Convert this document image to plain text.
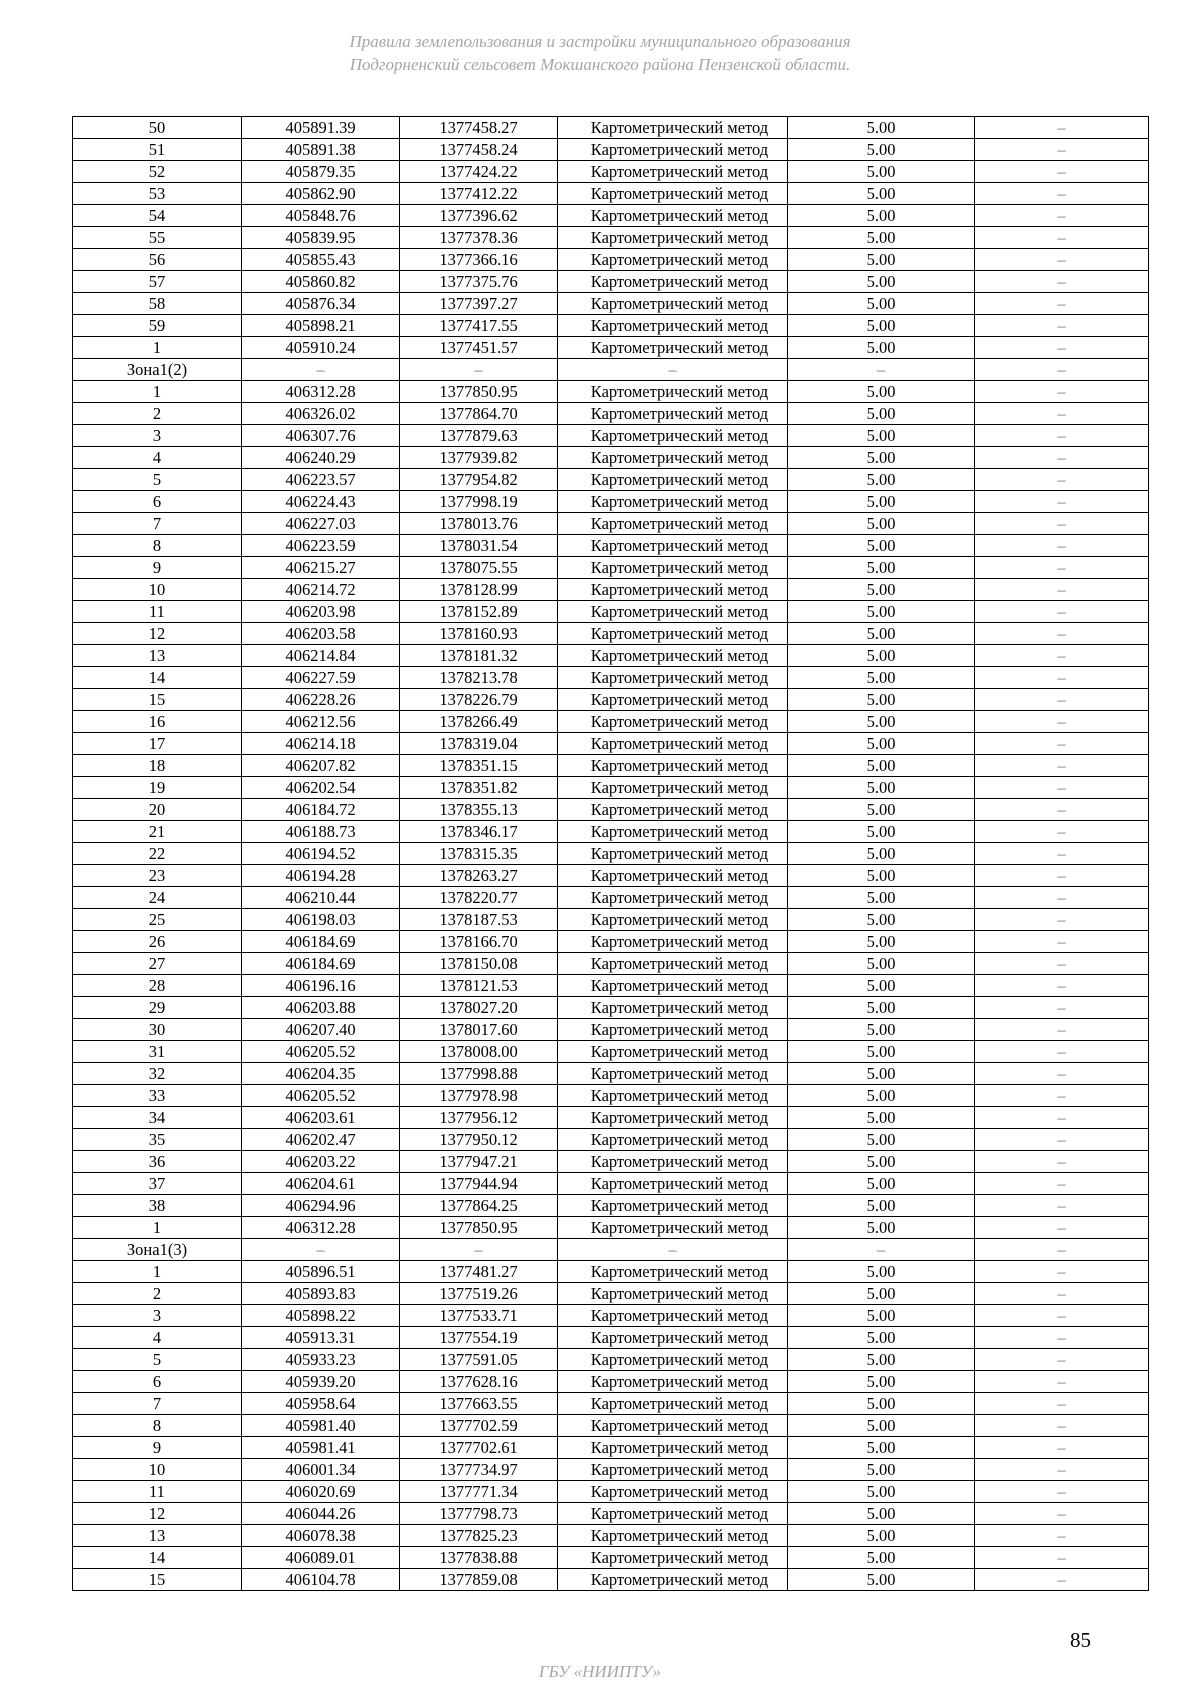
Правила землепользования и застройки муниципального образования
Подгорненский сельсовет Мокшанского района Пензенской области.
50	405891.39	1377458.27	Картометрический метод	5.00	–
51	405891.38	1377458.24	Картометрический метод	5.00	–
52	405879.35	1377424.22	Картометрический метод	5.00	–
53	405862.90	1377412.22	Картометрический метод	5.00	–
54	405848.76	1377396.62	Картометрический метод	5.00	–
55	405839.95	1377378.36	Картометрический метод	5.00	–
56	405855.43	1377366.16	Картометрический метод	5.00	–
57	405860.82	1377375.76	Картометрический метод	5.00	–
58	405876.34	1377397.27	Картометрический метод	5.00	–
59	405898.21	1377417.55	Картометрический метод	5.00	–
1	405910.24	1377451.57	Картометрический метод	5.00	–
Зона1(2)	–	–	–	–	–
1	406312.28	1377850.95	Картометрический метод	5.00	–
2	406326.02	1377864.70	Картометрический метод	5.00	–
3	406307.76	1377879.63	Картометрический метод	5.00	–
4	406240.29	1377939.82	Картометрический метод	5.00	–
5	406223.57	1377954.82	Картометрический метод	5.00	–
6	406224.43	1377998.19	Картометрический метод	5.00	–
7	406227.03	1378013.76	Картометрический метод	5.00	–
8	406223.59	1378031.54	Картометрический метод	5.00	–
9	406215.27	1378075.55	Картометрический метод	5.00	–
10	406214.72	1378128.99	Картометрический метод	5.00	–
11	406203.98	1378152.89	Картометрический метод	5.00	–
12	406203.58	1378160.93	Картометрический метод	5.00	–
13	406214.84	1378181.32	Картометрический метод	5.00	–
14	406227.59	1378213.78	Картометрический метод	5.00	–
15	406228.26	1378226.79	Картометрический метод	5.00	–
16	406212.56	1378266.49	Картометрический метод	5.00	–
17	406214.18	1378319.04	Картометрический метод	5.00	–
18	406207.82	1378351.15	Картометрический метод	5.00	–
19	406202.54	1378351.82	Картометрический метод	5.00	–
20	406184.72	1378355.13	Картометрический метод	5.00	–
21	406188.73	1378346.17	Картометрический метод	5.00	–
22	406194.52	1378315.35	Картометрический метод	5.00	–
23	406194.28	1378263.27	Картометрический метод	5.00	–
24	406210.44	1378220.77	Картометрический метод	5.00	–
25	406198.03	1378187.53	Картометрический метод	5.00	–
26	406184.69	1378166.70	Картометрический метод	5.00	–
27	406184.69	1378150.08	Картометрический метод	5.00	–
28	406196.16	1378121.53	Картометрический метод	5.00	–
29	406203.88	1378027.20	Картометрический метод	5.00	–
30	406207.40	1378017.60	Картометрический метод	5.00	–
31	406205.52	1378008.00	Картометрический метод	5.00	–
32	406204.35	1377998.88	Картометрический метод	5.00	–
33	406205.52	1377978.98	Картометрический метод	5.00	–
34	406203.61	1377956.12	Картометрический метод	5.00	–
35	406202.47	1377950.12	Картометрический метод	5.00	–
36	406203.22	1377947.21	Картометрический метод	5.00	–
37	406204.61	1377944.94	Картометрический метод	5.00	–
38	406294.96	1377864.25	Картометрический метод	5.00	–
1	406312.28	1377850.95	Картометрический метод	5.00	–
Зона1(3)	–	–	–	–	–
1	405896.51	1377481.27	Картометрический метод	5.00	–
2	405893.83	1377519.26	Картометрический метод	5.00	–
3	405898.22	1377533.71	Картометрический метод	5.00	–
4	405913.31	1377554.19	Картометрический метод	5.00	–
5	405933.23	1377591.05	Картометрический метод	5.00	–
6	405939.20	1377628.16	Картометрический метод	5.00	–
7	405958.64	1377663.55	Картометрический метод	5.00	–
8	405981.40	1377702.59	Картометрический метод	5.00	–
9	405981.41	1377702.61	Картометрический метод	5.00	–
10	406001.34	1377734.97	Картометрический метод	5.00	–
11	406020.69	1377771.34	Картометрический метод	5.00	–
12	406044.26	1377798.73	Картометрический метод	5.00	–
13	406078.38	1377825.23	Картометрический метод	5.00	–
14	406089.01	1377838.88	Картометрический метод	5.00	–
15	406104.78	1377859.08	Картометрический метод	5.00	–
85
ГБУ «НИИПТУ»
